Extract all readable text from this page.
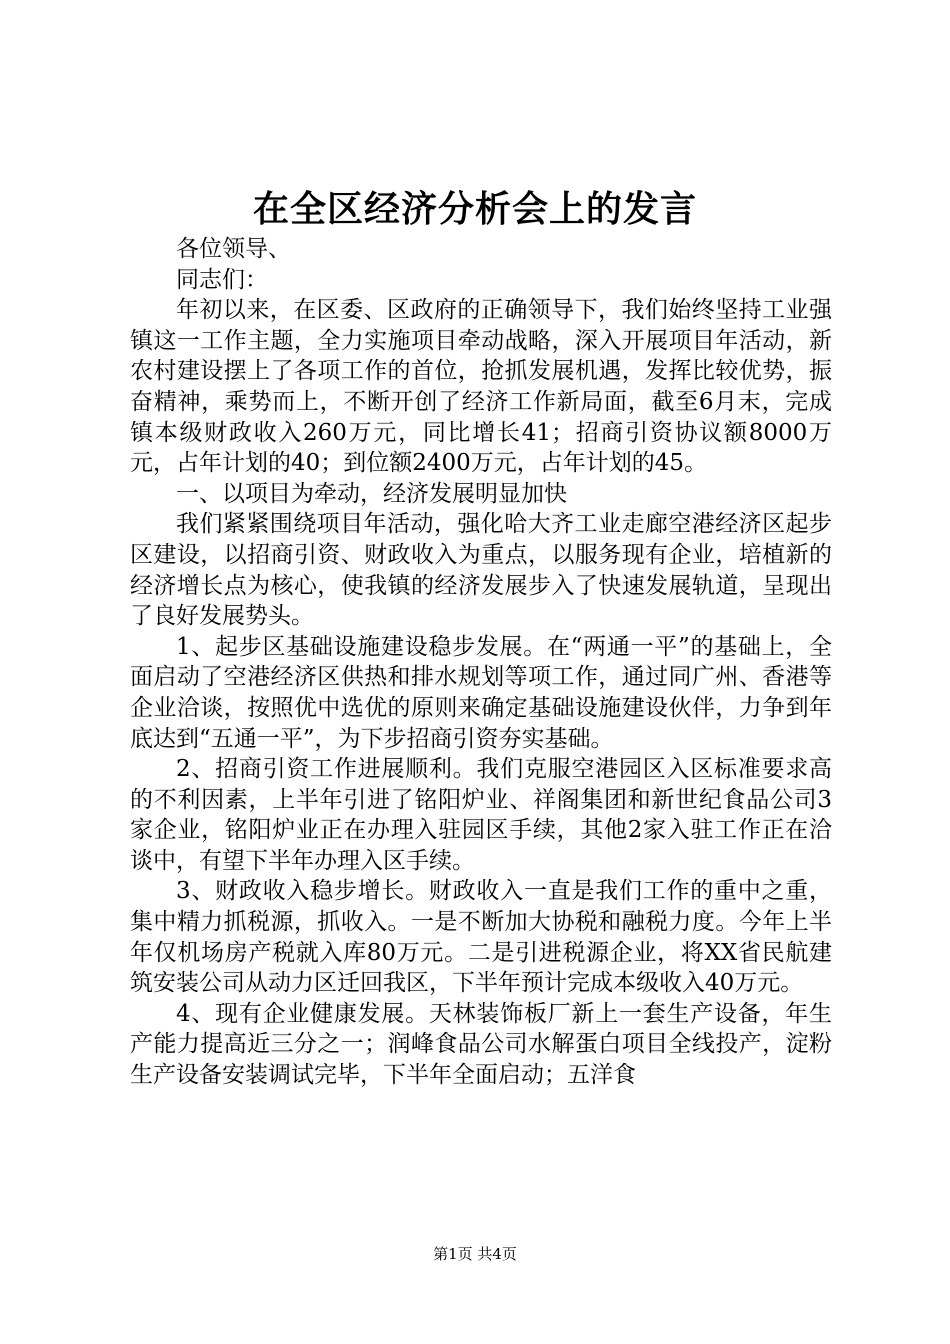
在全区经济分析会上的发言

各位领导、

同志们：

年初以来，在区委、区政府的正确领导下，我们始终坚持工业强镇这一工作主题，全力实施项目牵动战略，深入开展项目年活动，新农村建设摆上了各项工作的首位，抢抓发展机遇，发挥比较优势，振奋精神，乘势而上，不断开创了经济工作新局面，截至6月末，完成镇本级财政收入260万元，同比增长41；招商引资协议额8000万元，占年计划的40；到位额2400万元，占年计划的45。

一、以项目为牵动，经济发展明显加快

我们紧紧围绕项目年活动，强化哈大齐工业走廊空港经济区起步区建设，以招商引资、财政收入为重点，以服务现有企业，培植新的经济增长点为核心，使我镇的经济发展步入了快速发展轨道，呈现出了良好发展势头。

1、起步区基础设施建设稳步发展。在“两通一平”的基础上，全面启动了空港经济区供热和排水规划等项工作，通过同广州、香港等企业洽谈，按照优中选优的原则来确定基础设施建设伙伴，力争到年底达到“五通一平”，为下步招商引资夯实基础。

2、招商引资工作进展顺利。我们克服空港园区入区标准要求高的不利因素，上半年引进了铭阳炉业、祥阁集团和新世纪食品公司3家企业，铭阳炉业正在办理入驻园区手续，其他2家入驻工作正在洽谈中，有望下半年办理入区手续。

3、财政收入稳步增长。财政收入一直是我们工作的重中之重，集中精力抓税源，抓收入。一是不断加大协税和融税力度。今年上半年仅机场房产税就入库80万元。二是引进税源企业，将XX省民航建筑安装公司从动力区迁回我区，下半年预计完成本级收入40万元。

4、现有企业健康发展。天林装饰板厂新上一套生产设备，年生产能力提高近三分之一；润峰食品公司水解蛋白项目全线投产，淀粉生产设备安装调试完毕，下半年全面启动；五洋食

第1页 共4页
